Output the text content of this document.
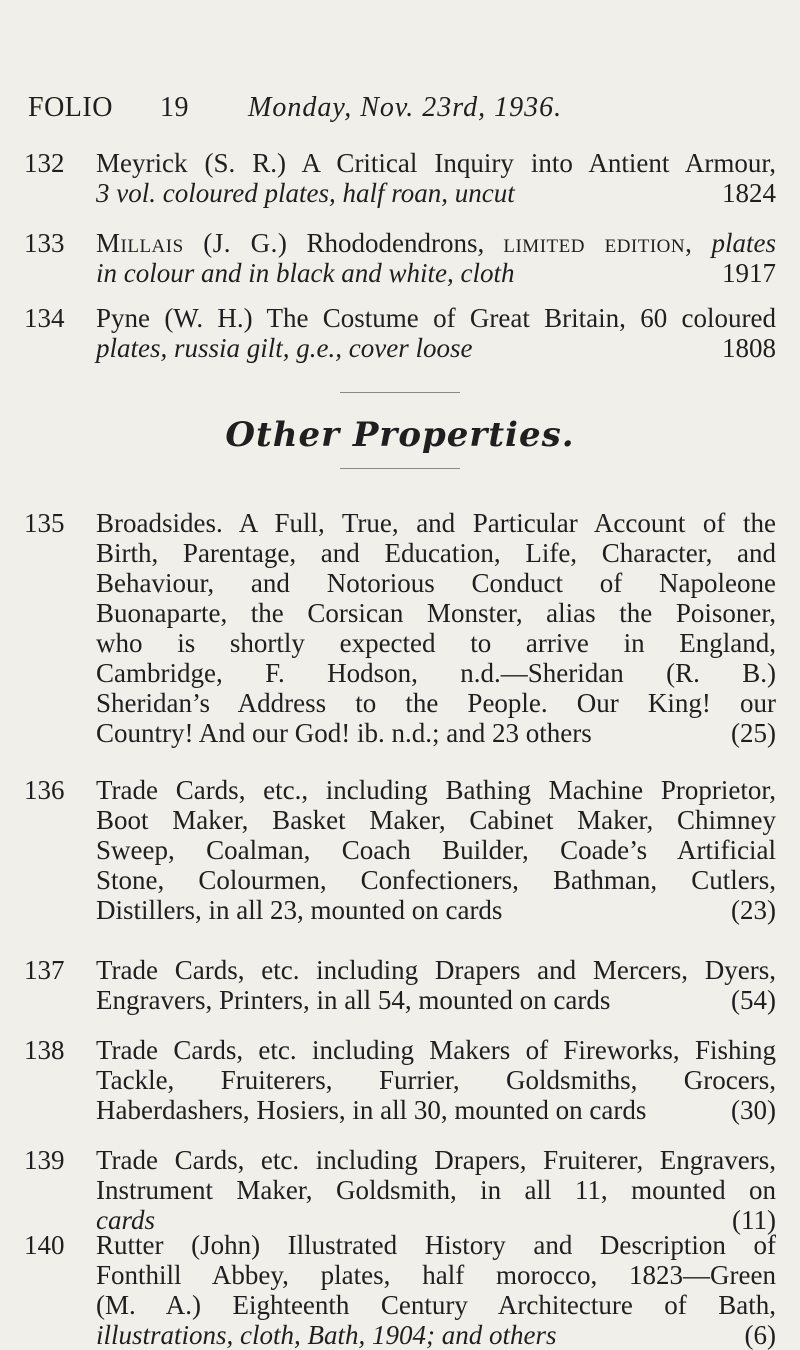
FOLIO 19 Monday, Nov. 23rd, 1936.
132	Meyrick (S. R.) A Critical Inquiry into Antient Armour,
3 vol. coloured plates, half roan, uncut	1824
133	Millais (J. G.) Rhododendrons, limited edition, plates
in colour and in black and white, cloth	1917
134	Pyne (W. H.) The Costume of Great Britain, 60 coloured
plates, russia gilt, g.e., cover loose	1808
Other Properties.
135	Broadsides. A Full, True, and Particular Account of the
Birth, Parentage, and Education, Life, Character, and
Behaviour, and Notorious Conduct of Napoleone
Buonaparte, the Corsican Monster, alias the Poisoner,
who is shortly expected to arrive in England,
Cambridge, F. Hodson, n.d.—Sheridan (R. B.)
Sheridan’s Address to the People. Our King! our
Country! And our God! ib. n.d.; and 23 others	(25)
136	Trade Cards, etc., including Bathing Machine Proprietor,
Boot Maker, Basket Maker, Cabinet Maker, Chimney
Sweep, Coalman, Coach Builder, Coade’s Artificial
Stone, Colourmen, Confectioners, Bathman, Cutlers,
Distillers, in all 23, mounted on cards	(23)
137	Trade Cards, etc. including Drapers and Mercers, Dyers,
Engravers, Printers, in all 54, mounted on cards	(54)
138	Trade Cards, etc. including Makers of Fireworks, Fishing
Tackle, Fruiterers, Furrier, Goldsmiths, Grocers,
Haberdashers, Hosiers, in all 30, mounted on cards	(30)
139	Trade Cards, etc. including Drapers, Fruiterer, Engravers,
Instrument Maker, Goldsmith, in all 11, mounted on
cards	(11)
140	Rutter (John) Illustrated History and Description of
Fonthill Abbey, plates, half morocco, 1823—Green
(M. A.) Eighteenth Century Architecture of Bath,
illustrations, cloth, Bath, 1904; and others	(6)
